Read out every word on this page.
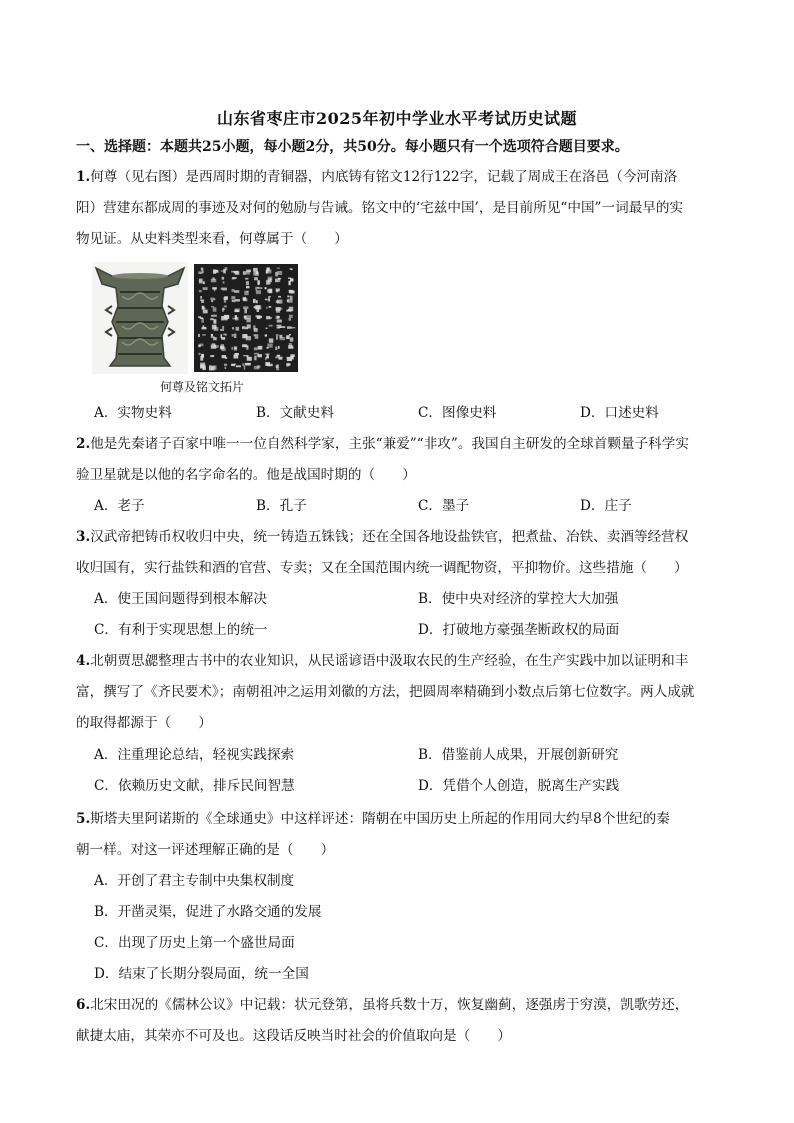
山东省枣庄市2025年初中学业水平考试历史试题
一、选择题：本题共25小题，每小题2分，共50分。每小题只有一个选项符合题目要求。
1.何尊（见右图）是西周时期的青铜器，内底铸有铭文12行122字，记载了周成王在洛邑（今河南洛
阳）营建东都成周的事迹及对何的勉励与告诫。铭文中的‘宅兹中国’，是目前所见“中国”一词最早的实
物见证。从史料类型来看，何尊属于（　　）
何尊及铭文拓片
A．实物史料	B．文献史料	C．图像史料	D．口述史料
2.他是先秦诸子百家中唯一一位自然科学家，主张“兼爱”“非攻”。我国自主研发的全球首颗量子科学实
验卫星就是以他的名字命名的。他是战国时期的（　　）
A．老子	B．孔子	C．墨子	D．庄子
3.汉武帝把铸币权收归中央，统一铸造五铢钱；还在全国各地设盐铁官，把煮盐、冶铁、卖酒等经营权
收归国有，实行盐铁和酒的官营、专卖；又在全国范围内统一调配物资，平抑物价。这些措施（　　）
A．使王国问题得到根本解决	B．使中央对经济的掌控大大加强
C．有利于实现思想上的统一	D．打破地方豪强垄断政权的局面
4.北朝贾思勰整理古书中的农业知识，从民谣谚语中汲取农民的生产经验，在生产实践中加以证明和丰
富，撰写了《齐民要术》；南朝祖冲之运用刘徽的方法，把圆周率精确到小数点后第七位数字。两人成就
的取得都源于（　　）
A．注重理论总结，轻视实践探索	B．借鉴前人成果，开展创新研究
C．依赖历史文献，排斥民间智慧	D．凭借个人创造，脱离生产实践
5.斯塔夫里阿诺斯的《全球通史》中这样评述：隋朝在中国历史上所起的作用同大约早8个世纪的秦
朝一样。对这一评述理解正确的是（　　）
A．开创了君主专制中央集权制度
B．开凿灵渠，促进了水路交通的发展
C．出现了历史上第一个盛世局面
D．结束了长期分裂局面，统一全国
6.北宋田况的《儒林公议》中记载：状元登第，虽将兵数十万，恢复幽蓟，逐强虏于穷漠，凯歌劳还，
献捷太庙，其荣亦不可及也。这段话反映当时社会的价值取向是（　　）
